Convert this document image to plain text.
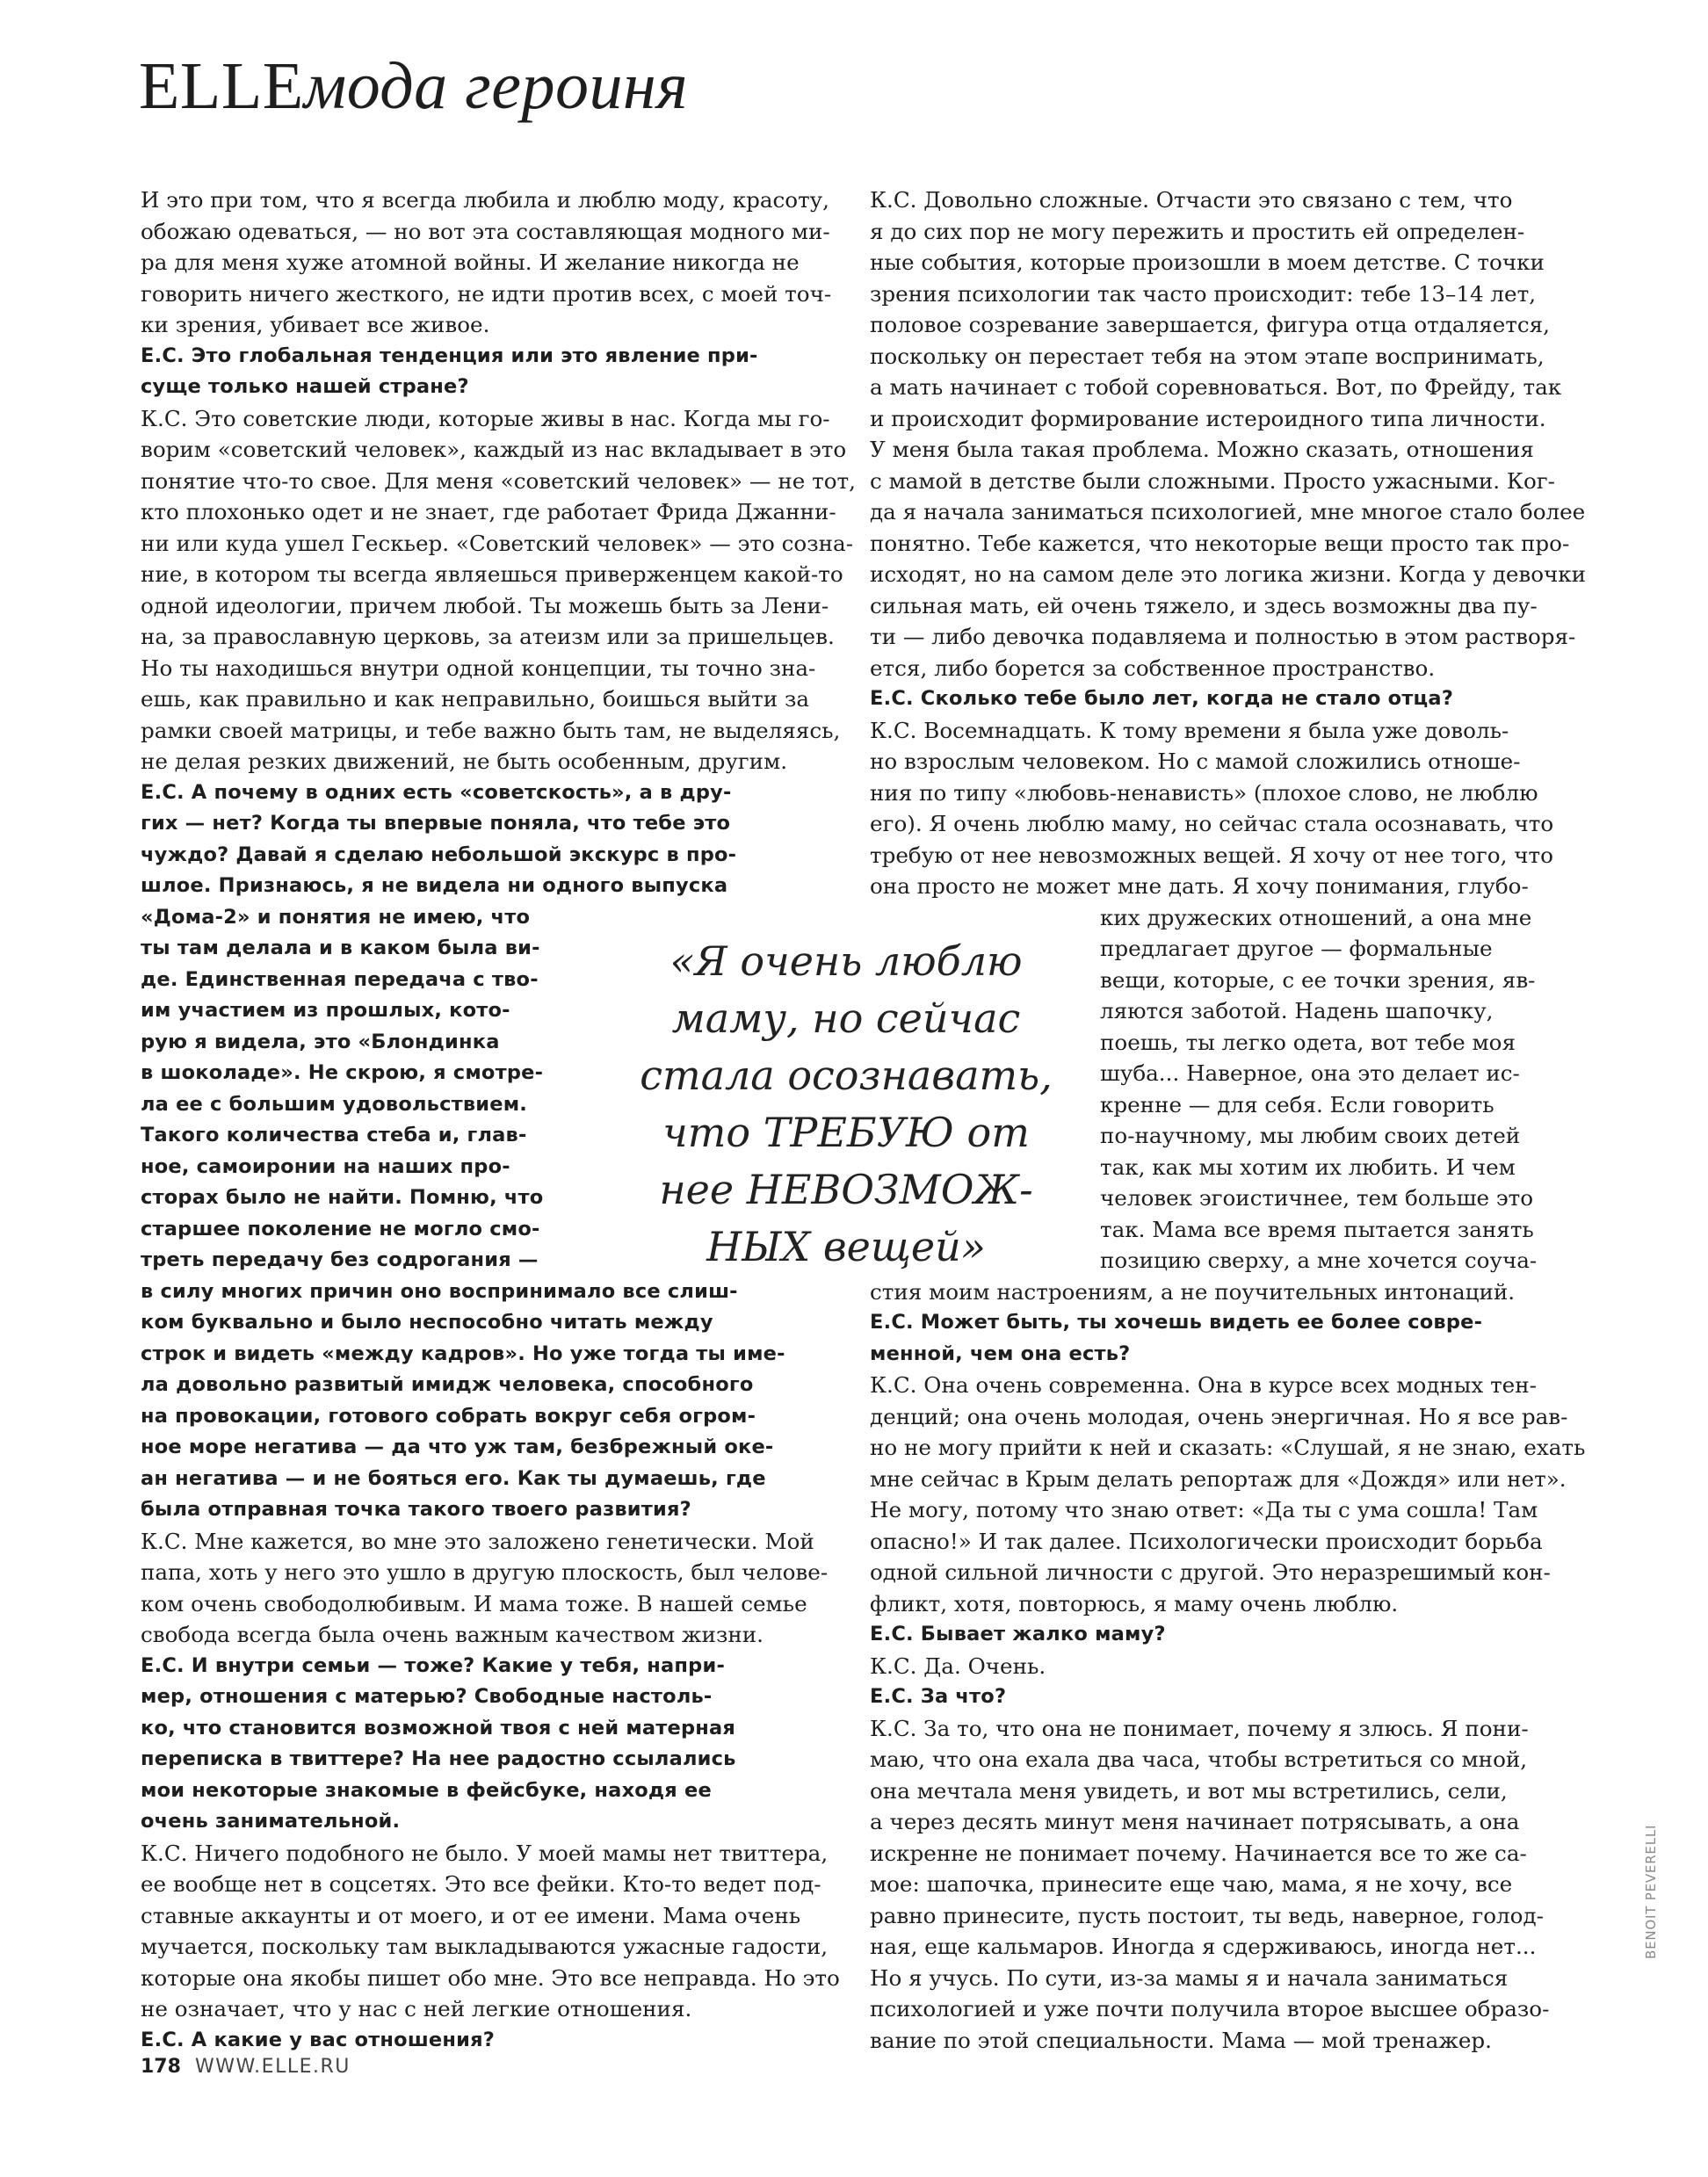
ELLEмода героиня

И это при том, что я всегда любила и люблю моду, красоту,
обожаю одеваться, — но вот эта составляющая модного ми-
ра для меня хуже атомной войны. И желание никогда не
говорить ничего жесткого, не идти против всех, с моей точ-
ки зрения, убивает все живое.

Е.С. Это глобальная тенденция или это явление при-
суще только нашей стране?

К.С. Это советские люди, которые живы в нас. Когда мы го-
ворим «советский человек», каждый из нас вкладывает в это
понятие что-то свое. Для меня «советский человек» — не тот,
кто плохонько одет и не знает, где работает Фрида Джанни-
ни или куда ушел Гескьер. «Советский человек» — это созна-
ние, в котором ты всегда являешься приверженцем какой-то
одной идеологии, причем любой. Ты можешь быть за Лени-
на, за православную церковь, за атеизм или за пришельцев.
Но ты находишься внутри одной концепции, ты точно зна-
ешь, как правильно и как неправильно, боишься выйти за
рамки своей матрицы, и тебе важно быть там, не выделяясь,
не делая резких движений, не быть особенным, другим.

Е.С. А почему в одних есть «советскость», а в дру-
гих — нет? Когда ты впервые поняла, что тебе это
чуждо? Давай я сделаю небольшой экскурс в про-
шлое. Признаюсь, я не видела ни одного выпуска
«Дома-2» и понятия не имею, что
ты там делала и в каком была ви-
де. Единственная передача с тво-
им участием из прошлых, кото-
рую я видела, это «Блондинка
в шоколаде». Не скрою, я смотре-
ла ее с большим удовольствием.
Такого количества стеба и, глав-
ное, самоиронии на наших про-
сторах было не найти. Помню, что
старшее поколение не могло смо-
треть передачу без содрогания —
в силу многих причин оно воспринимало все слиш-
ком буквально и было неспособно читать между
строк и видеть «между кадров». Но уже тогда ты име-
ла довольно развитый имидж человека, способного
на провокации, готового собрать вокруг себя огром-
ное море негатива — да что уж там, безбрежный оке-
ан негатива — и не бояться его. Как ты думаешь, где
была отправная точка такого твоего развития?

К.С. Мне кажется, во мне это заложено генетически. Мой
папа, хоть у него это ушло в другую плоскость, был челове-
ком очень свободолюбивым. И мама тоже. В нашей семье
свобода всегда была очень важным качеством жизни.

Е.С. И внутри семьи — тоже? Какие у тебя, напри-
мер, отношения с матерью? Свободные настоль-
ко, что становится возможной твоя с ней матерная
переписка в твиттере? На нее радостно ссылались
мои некоторые знакомые в фейсбуке, находя ее
очень занимательной.

К.С. Ничего подобного не было. У моей мамы нет твиттера,
ее вообще нет в соцсетях. Это все фейки. Кто-то ведет под-
ставные аккаунты и от моего, и от ее имени. Мама очень
мучается, поскольку там выкладываются ужасные гадости,
которые она якобы пишет обо мне. Это все неправда. Но это
не означает, что у нас с ней легкие отношения.

Е.С. А какие у вас отношения?

К.С. Довольно сложные. Отчасти это связано с тем, что
я до сих пор не могу пережить и простить ей определен-
ные события, которые произошли в моем детстве. С точки
зрения психологии так часто происходит: тебе 13–14 лет,
половое созревание завершается, фигура отца отдаляется,
поскольку он перестает тебя на этом этапе воспринимать,
а мать начинает с тобой соревноваться. Вот, по Фрейду, так
и происходит формирование истероидного типа личности.
У меня была такая проблема. Можно сказать, отношения
с мамой в детстве были сложными. Просто ужасными. Ког-
да я начала заниматься психологией, мне многое стало более
понятно. Тебе кажется, что некоторые вещи просто так про-
исходят, но на самом деле это логика жизни. Когда у девочки
сильная мать, ей очень тяжело, и здесь возможны два пу-
ти — либо девочка подавляема и полностью в этом растворя-
ется, либо борется за собственное пространство.

Е.С. Сколько тебе было лет, когда не стало отца?

К.С. Восемнадцать. К тому времени я была уже доволь-
но взрослым человеком. Но с мамой сложились отноше-
ния по типу «любовь-ненависть» (плохое слово, не люблю
его). Я очень люблю маму, но сейчас стала осознавать, что
требую от нее невозможных вещей. Я хочу от нее того, что
она просто не может мне дать. Я хочу понимания, глубо-
ких дружеских отношений, а она мне
предлагает другое — формальные
вещи, которые, с ее точки зрения, яв-
ляются заботой. Надень шапочку,
поешь, ты легко одета, вот тебе моя
шуба... Наверное, она это делает ис-
кренне — для себя. Если говорить
по-научному, мы любим своих детей
так, как мы хотим их любить. И чем
человек эгоистичнее, тем больше это
так. Мама все время пытается занять
позицию сверху, а мне хочется соуча-
стия моим настроениям, а не поучительных интонаций.

Е.С. Может быть, ты хочешь видеть ее более совре-
менной, чем она есть?

К.С. Она очень современна. Она в курсе всех модных тен-
денций; она очень молодая, очень энергичная. Но я все рав-
но не могу прийти к ней и сказать: «Слушай, я не знаю, ехать
мне сейчас в Крым делать репортаж для «Дождя» или нет».
Не могу, потому что знаю ответ: «Да ты с ума сошла! Там
опасно!» И так далее. Психологически происходит борьба
одной сильной личности с другой. Это неразрешимый кон-
фликт, хотя, повторюсь, я маму очень люблю.

Е.С. Бывает жалко маму?

К.С. Да. Очень.

Е.С. За что?

К.С. За то, что она не понимает, почему я злюсь. Я пони-
маю, что она ехала два часа, чтобы встретиться со мной,
она мечтала меня увидеть, и вот мы встретились, сели,
а через десять минут меня начинает потрясывать, а она
искренне не понимает почему. Начинается все то же са-
мое: шапочка, принесите еще чаю, мама, я не хочу, все
равно принесите, пусть постоит, ты ведь, наверное, голод-
ная, еще кальмаров. Иногда я сдерживаюсь, иногда нет...
Но я учусь. По сути, из-за мамы я и начала заниматься
психологией и уже почти получила второе высшее образо-
вание по этой специальности. Мама — мой тренажер.

«Я очень люблю
маму, но сейчас
стала осознавать,
что ТРЕБУЮ от
нее НЕВОЗМОЖ-
НЫХ вещей»
178 WWW.ELLE.RU
BENOIT PEVERELLI
